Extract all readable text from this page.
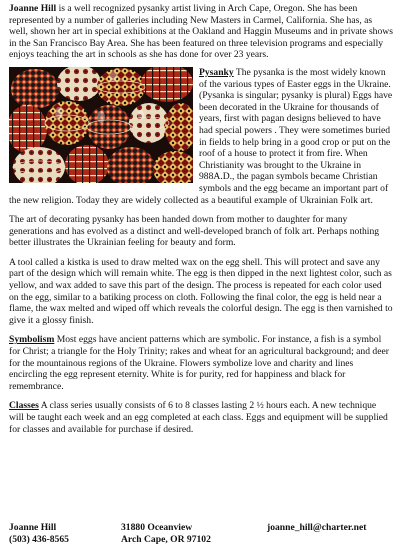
Joanne Hill is a well recognized pysanky artist living in Arch Cape, Oregon. She has been represented by a number of galleries including New Masters in Carmel, California. She has, as well, shown her art in special exhibitions at the Oakland and Haggin Museums and in private shows in the San Francisco Bay Area. She has been featured on three television programs and especially enjoys teaching the art in schools as she has done for over 23 years.

Pysanky The pysanka is the most widely known of the various types of Easter eggs in the Ukraine. (Pysanka is singular; pysanky is plural) Eggs have been decorated in the Ukraine for thousands of years, first with pagan designs believed to have had special powers . They were sometimes buried in fields to help bring in a good crop or put on the roof of a house to protect it from fire. When Christianity was brought to the Ukraine in 988A.D., the pagan symbols became Christian symbols and the egg became an important part of the new religion. Today they are widely collected as a beautiful example of Ukrainian Folk art.

The art of decorating pysanky has been handed down from mother to daughter for many generations and has evolved as a distinct and well-developed branch of folk art. Perhaps nothing better illustrates the Ukrainian feeling for beauty and form.

A tool called a kistka is used to draw melted wax on the egg shell. This will protect and save any part of the design which will remain white. The egg is then dipped in the next lightest color, such as yellow, and wax added to save this part of the design. The process is repeated for each color used on the egg, similar to a batiking process on cloth. Following the final color, the egg is held near a flame, the wax melted and wiped off which reveals the colorful design. The egg is then varnished to give it a glossy finish.

Symbolism Most eggs have ancient patterns which are symbolic. For instance, a fish is a symbol for Christ; a triangle for the Holy Trinity; rakes and wheat for an agricultural background; and deer for the mountainous regions of the Ukraine. Flowers symbolize love and charity and lines encircling the egg represent eternity. White is for purity, red for happiness and black for remembrance.

Classes A class series usually consists of 6 to 8 classes lasting 2 ½ hours each. A new technique will be taught each week and an egg completed at each class. Eggs and equipment will be supplied for classes and available for purchase if desired.

Joanne Hill
(503) 436-8565
31880 Oceanview
Arch Cape, OR 97102
joanne_hill@charter.net
